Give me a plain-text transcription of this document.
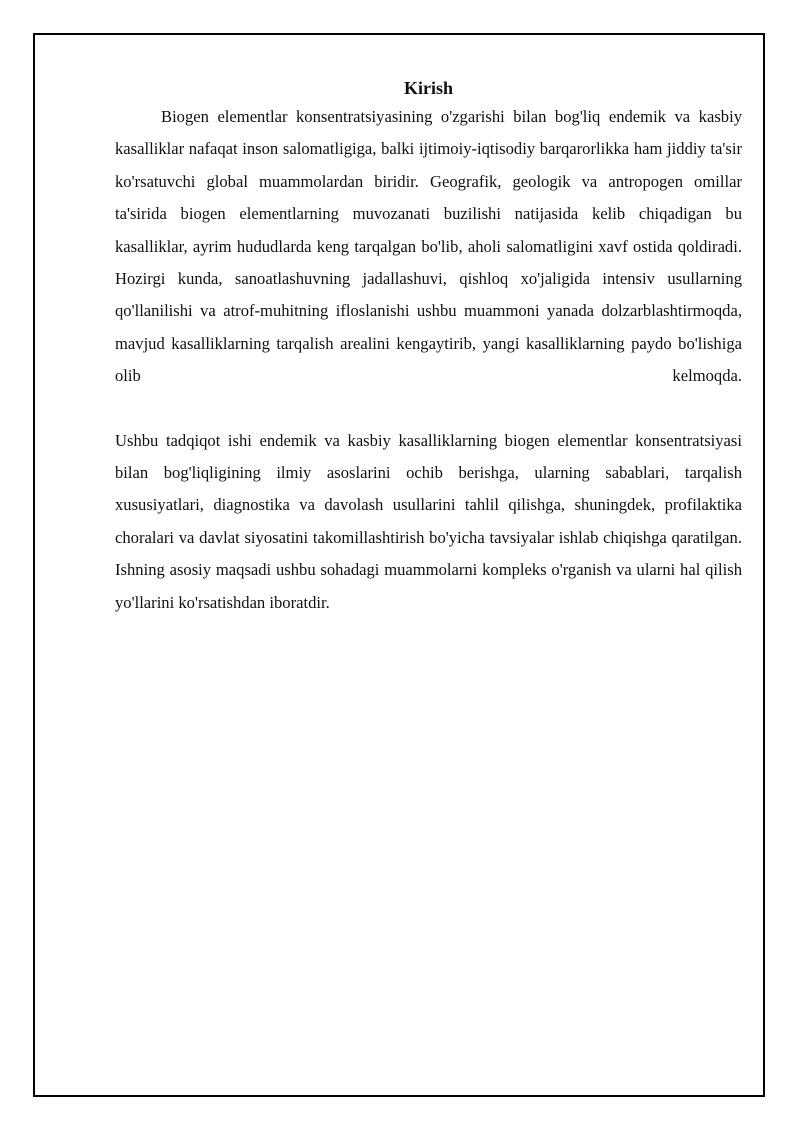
Kirish

Biogen elementlar konsentratsiyasining o'zgarishi bilan bog'liq endemik va kasbiy kasalliklar nafaqat inson salomatligiga, balki ijtimoiy-iqtisodiy barqarorlikka ham jiddiy ta'sir ko'rsatuvchi global muammolardan biridir. Geografik, geologik va antropogen omillar ta'sirida biogen elementlarning muvozanati buzilishi natijasida kelib chiqadigan bu kasalliklar, ayrim hududlarda keng tarqalgan bo'lib, aholi salomatligini xavf ostida qoldiradi. Hozirgi kunda, sanoatlashuvning jadallashuvi, qishloq xo'jaligida intensiv usullarning qo'llanilishi va atrof-muhitning ifloslanishi ushbu muammoni yanada dolzarblashtirmoqda, mavjud kasalliklarning tarqalish arealini kengaytirib, yangi kasalliklarning paydo bo'lishiga olib kelmoqda.

Ushbu tadqiqot ishi endemik va kasbiy kasalliklarning biogen elementlar konsentratsiyasi bilan bog'liqligining ilmiy asoslarini ochib berishga, ularning sabablari, tarqalish xususiyatlari, diagnostika va davolash usullarini tahlil qilishga, shuningdek, profilaktika choralari va davlat siyosatini takomillashtirish bo'yicha tavsiyalar ishlab chiqishga qaratilgan. Ishning asosiy maqsadi ushbu sohadagi muammolarni kompleks o'rganish va ularni hal qilish yo'llarini ko'rsatishdan iboratdir.
